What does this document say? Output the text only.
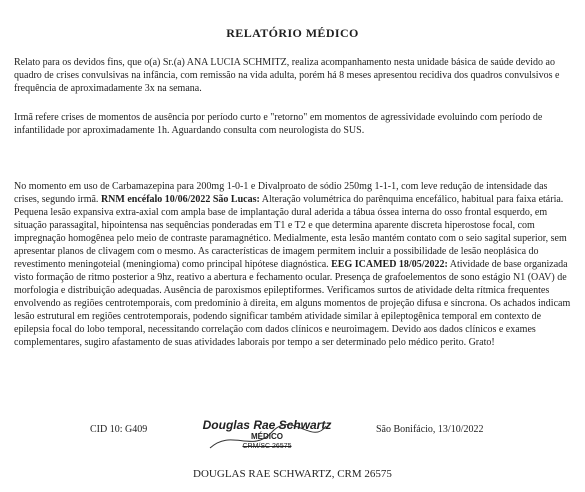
RELATÓRIO MÉDICO
Relato para os devidos fins, que o(a) Sr.(a) ANA LUCIA SCHMITZ, realiza acompanhamento nesta unidade básica de saúde devido ao quadro de crises convulsivas na infância, com remissão na vida adulta, porém há 8 meses apresentou recidiva dos quadros convulsivos e frequência de aproximadamente 3x na semana.
Irmã refere crises de momentos de ausência por período curto e "retorno" em momentos de agressividade evoluindo com período de infantilidade por aproximadamente 1h. Aguardando consulta com neurologista do SUS.
No momento em uso de Carbamazepina para 200mg 1-0-1 e Divalproato de sódio 250mg 1-1-1, com leve redução de intensidade das crises, segundo irmã. RNM encéfalo 10/06/2022 São Lucas: Alteração volumétrica do parênquima encefálico, habitual para faixa etária. Pequena lesão expansiva extra-axial com ampla base de implantação dural aderida a tábua óssea interna do osso frontal esquerdo, em situação parassagital, hipointensa nas sequências ponderadas em T1 e T2 e que determina aparente discreta hiperostose focal, com impregnação homogênea pelo meio de contraste paramagnético. Medialmente, esta lesão mantém contato com o seio sagital superior, sem apresentar planos de clivagem com o mesmo. As características de imagem permitem incluir a possibilidade de lesão neoplásica do revestimento meningoteial (meningioma) como principal hipótese diagnóstica. EEG ICAMED 18/05/2022: Atividade de base organizada visto formação de ritmo posterior a 9hz, reativo a abertura e fechamento ocular. Presença de grafoelementos de sono estágio N1 (OAV) de morfologia e distribuição adequadas. Ausência de paroxismos epileptiformes. Verificamos surtos de atividade delta rítmica frequentes envolvendo as regiões centrotemporais, com predomínio à direita, em alguns momentos de projeção difusa e síncrona. Os achados indicam lesão estrutural em regiões centrotemporais, podendo significar também atividade similar à epileptogênica temporal em contexto de epilepsia focal do lobo temporal, necessitando correlação com dados clínicos e neuroimagem. Devido aos dados clínicos e exames complementares, sugiro afastamento de suas atividades laborais por tempo a ser determinado pelo médico perito. Grato!
CID 10: G409	Douglas Rae Schwartz
MÉDICO
CRM/SC 26575
São Bonifácio, 13/10/2022
DOUGLAS RAE SCHWARTZ, CRM 26575
